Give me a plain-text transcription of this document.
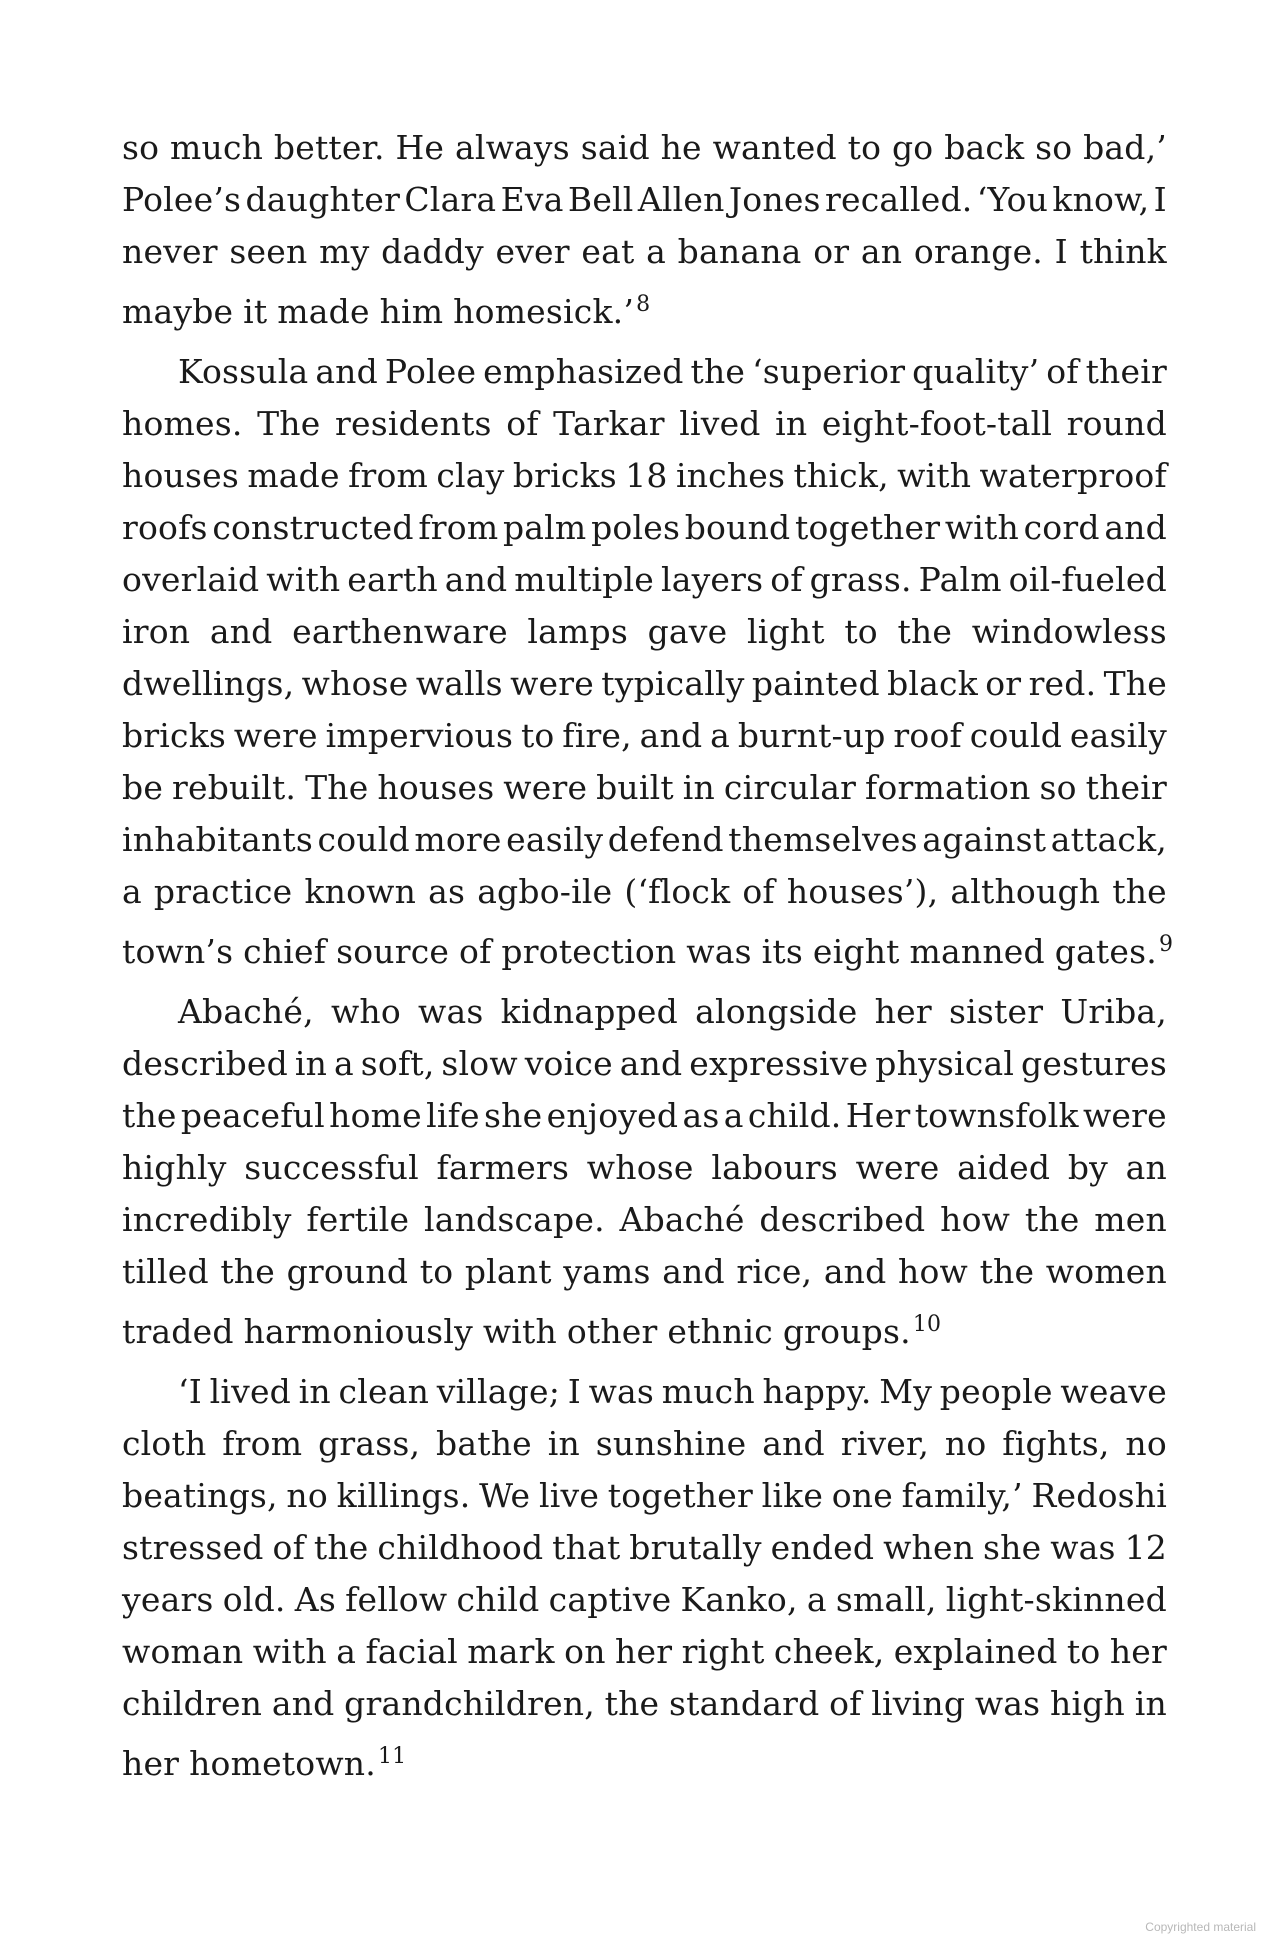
so much better. He always said he wanted to go back so bad,’
Polee’s daughter Clara Eva Bell Allen Jones recalled. ‘You know, I
never seen my daddy ever eat a banana or an orange. I think
maybe it made him homesick.’$^8$
Kossula and Polee emphasized the ‘superior quality’ of their
homes. The residents of Tarkar lived in eight-foot-tall round
houses made from clay bricks 18 inches thick, with waterproof
roofs constructed from palm poles bound together with cord and
overlaid with earth and multiple layers of grass. Palm oil-fueled
iron and earthenware lamps gave light to the windowless
dwellings, whose walls were typically painted black or red. The
bricks were impervious to fire, and a burnt-up roof could easily
be rebuilt. The houses were built in circular formation so their
inhabitants could more easily defend themselves against attack,
a practice known as agbo-ile (‘flock of houses’), although the
town’s chief source of protection was its eight manned gates.$^9$
Abaché, who was kidnapped alongside her sister Uriba,
described in a soft, slow voice and expressive physical gestures
the peaceful home life she enjoyed as a child. Her townsfolk were
highly successful farmers whose labours were aided by an
incredibly fertile landscape. Abaché described how the men
tilled the ground to plant yams and rice, and how the women
traded harmoniously with other ethnic groups.$^{10}$
‘I lived in clean village; I was much happy. My people weave
cloth from grass, bathe in sunshine and river, no fights, no
beatings, no killings. We live together like one family,’ Redoshi
stressed of the childhood that brutally ended when she was 12
years old. As fellow child captive Kanko, a small, light-skinned
woman with a facial mark on her right cheek, explained to her
children and grandchildren, the standard of living was high in
her hometown.$^{11}$
Copyrighted material
